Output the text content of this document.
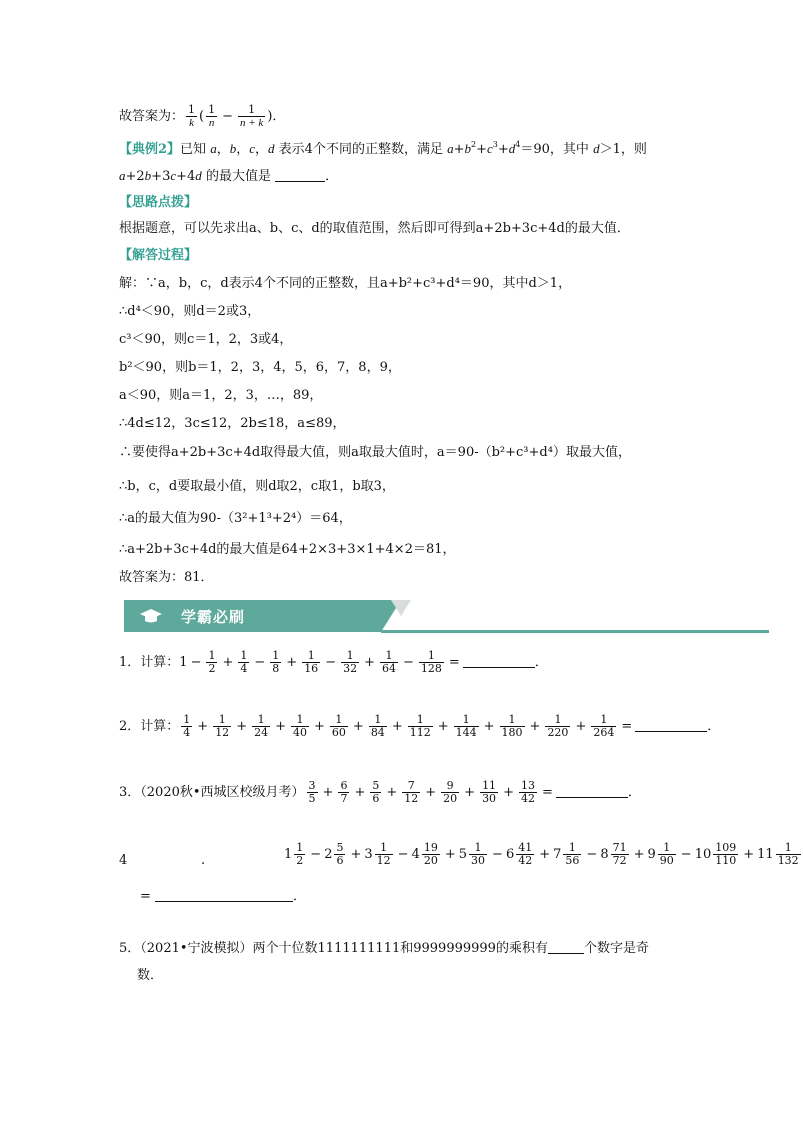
故答案为： $\frac{1}{k}$ ( $\frac{1}{n} - \frac{1}{n + k}$ )．
【典例2】已知 a，b，c，d 表示4个不同的正整数，满足 $a+b^2+c^3+d^4=90$，其中 d＞1，则
a+2b+3c+4d 的最大值是	．
【思路点拨】
根据题意，可以先求出a、b、c、d的取值范围，然后即可得到a+2b+3c+4d的最大值．
【解答过程】
解：∵a，b，c，d表示4个不同的正整数，且a+b²+c³+d⁴＝90，其中d＞1，
∴d⁴＜90，则d＝2或3，
c³＜90，则c＝1，2，3或4，
b²＜90，则b＝1，2，3，4，5，6，7，8，9，
a＜90，则a＝1，2，3，…，89，
∴4d≤12，3c≤12，2b≤18，a≤89，
∴要使得a+2b+3c+4d取得最大值，则a取最大值时，a＝90-（b²+c³+d⁴）取最大值，
∴b，c，d要取最小值，则d取2，c取1，b取3，
∴a的最大值为90-（3²+1³+2⁴）＝64，
∴a+2b+3c+4d的最大值是64+2×3+3×1+4×2＝81，
故答案为：81．
学霸必刷
1．计算：$1 - \frac{1}{2} + \frac{1}{4} - \frac{1}{8} + \frac{1}{16} - \frac{1}{32} + \frac{1}{64} - \frac{1}{128}$ =	．
2．计算： $\frac{1}{4} + \frac{1}{12} + \frac{1}{24} + \frac{1}{40} + \frac{1}{60} + \frac{1}{84} + \frac{1}{112} + \frac{1}{144} + \frac{1}{180} + \frac{1}{220} + \frac{1}{264}$ =	．
3．（2020秋•西城区校级月考） $\frac{3}{5} + \frac{6}{7} + \frac{5}{6} + \frac{7}{12} + \frac{9}{20} + \frac{11}{30} + \frac{13}{42}$ =	．
4	.	$1 \frac{1}{2} - 2 \frac{5}{6} + 3 \frac{1}{12} - 4 \frac{19}{20} + 5 \frac{1}{30} - 6 \frac{41}{42} + 7 \frac{1}{56} - 8 \frac{71}{72} + 9 \frac{1}{90} - 10 \frac{109}{110} + 11 \frac{1}{132}$
=	．
5．（2021•宁波模拟）两个十位数1111111111和9999999999的乘积有	个数字是奇
数．
